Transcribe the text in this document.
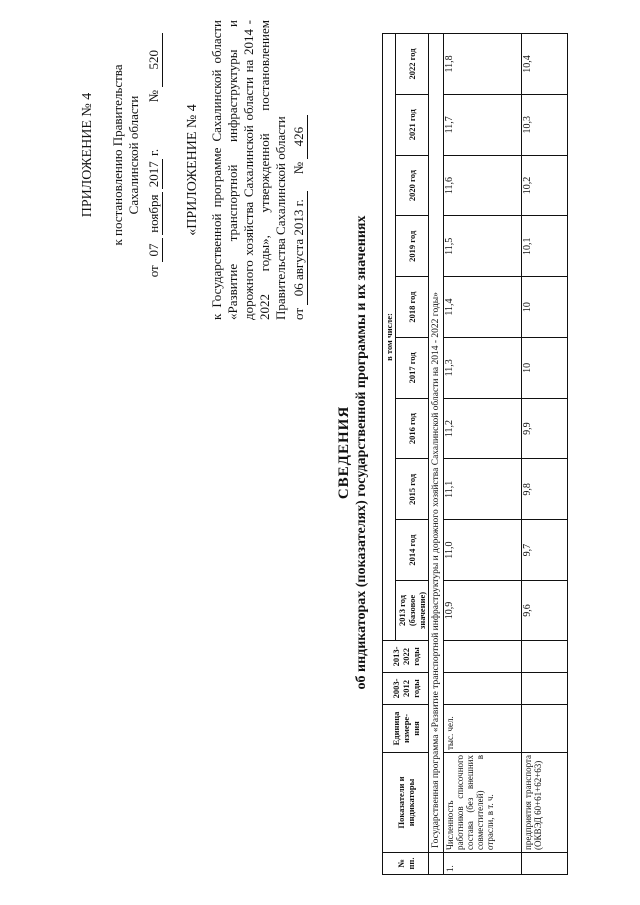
ПРИЛОЖЕНИЕ № 4 к постановлению Правительства Сахалинской области
от 07 ноября 2017 г.  № 520
«ПРИЛОЖЕНИЕ № 4 к Государственной программе Сахалинской области «Развитие транспортной инфраструктуры и дорожного хозяйства Сахалинской области на 2014 - 2022 годы», утвержденной постановлением Правительства Сахалинской области от 06 августа 2013 г.  № 426
СВЕДЕНИЯ об индикаторах (показателях) государственной программы и их значениях
№ пп.	Показатели и индикаторы	Единица измере-ния	2003-2012 годы	2013-2022 годы	в том числе:									
					2013 год (базовое значение)	2014 год	2015 год	2016 год	2017 год	2018 год	2019 год	2020 год	2021 год	2022 год
	Государственная программа «Развитие транспортной инфраструктуры и дорожного хозяйства Сахалинской области на 2014 - 2022 годы»													
1.	Численность работников списочного состава (без внешних совместителей) в отрасли, в т. ч.	тыс. чел.			10,9	11,0	11,1	11,2	11,3	11,4	11,5	11,6	11,7	11,8
	предприятия транспорта (ОКВЭД 60+61+62+63)				9,6	9,7	9,8	9,9	10	10	10,1	10,2	10,3	10,4
